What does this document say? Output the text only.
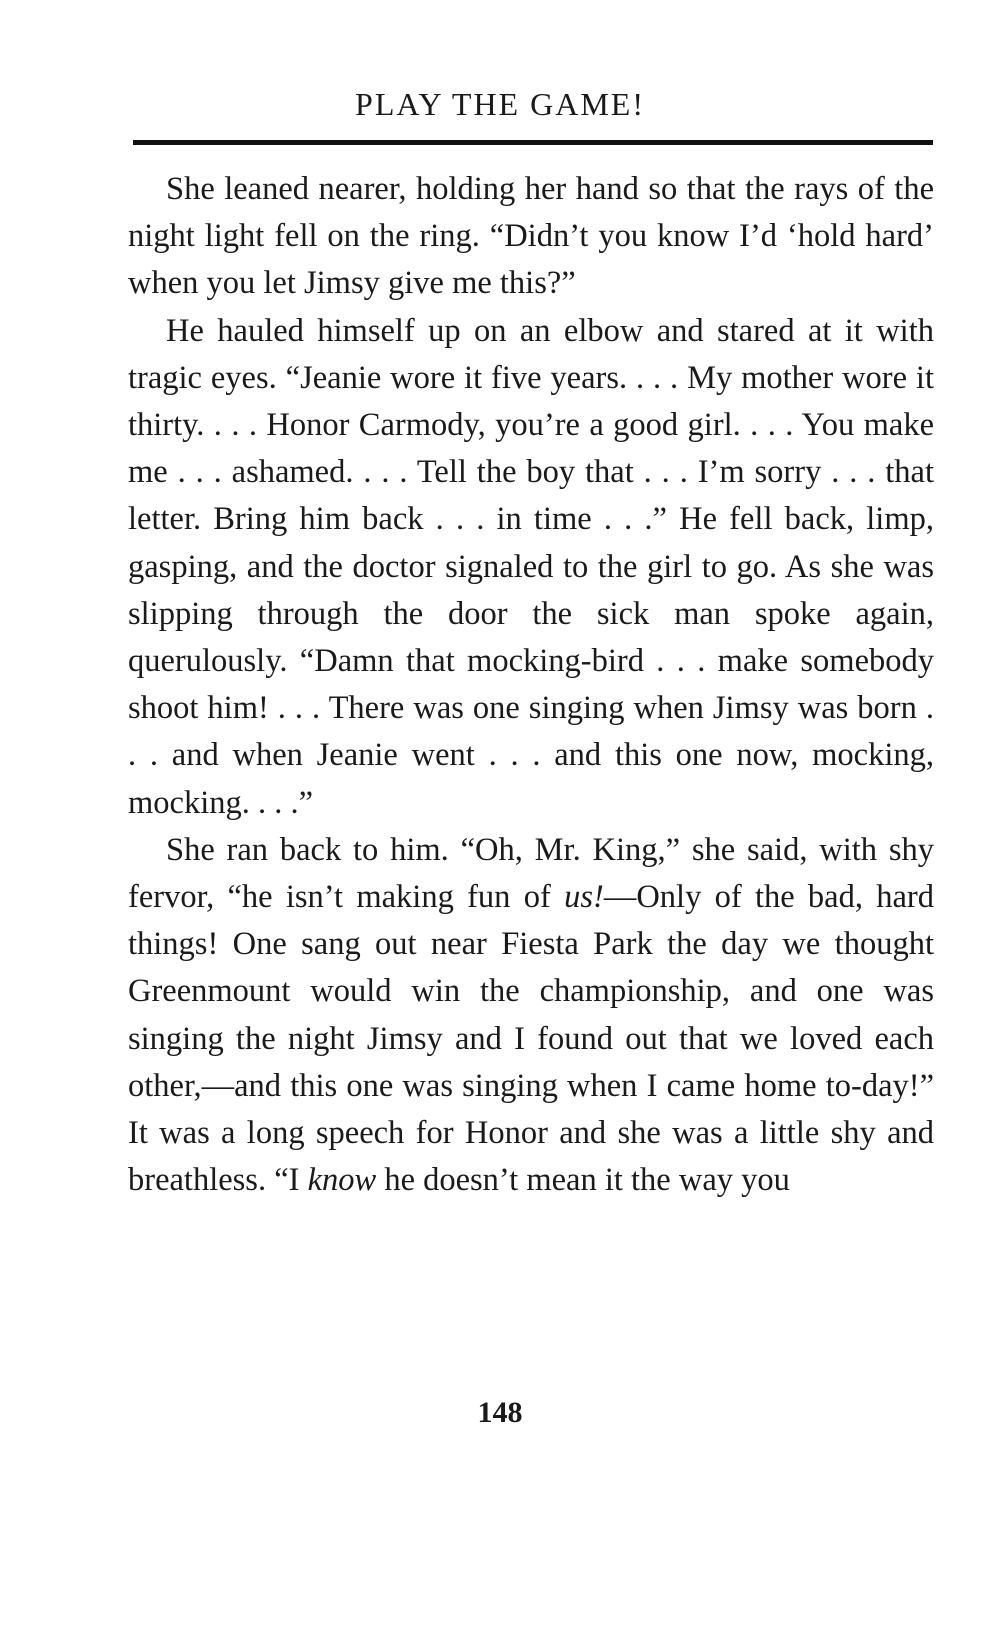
PLAY THE GAME!

She leaned nearer, holding her hand so that the rays of the night light fell on the ring. “Didn’t you know I’d ‘hold hard’ when you let Jimsy give me this?”

He hauled himself up on an elbow and stared at it with tragic eyes. “Jeanie wore it five years. . . . My mother wore it thirty. . . . Honor Carmody, you’re a good girl. . . . You make me . . . ashamed. . . . Tell the boy that . . . I’m sorry . . . that letter. Bring him back . . . in time . . .” He fell back, limp, gasping, and the doctor signaled to the girl to go. As she was slipping through the door the sick man spoke again, querulously. “Damn that mocking-bird . . . make somebody shoot him! . . . There was one singing when Jimsy was born . . . and when Jeanie went . . . and this one now, mocking, mocking. . . .”

She ran back to him. “Oh, Mr. King,” she said, with shy fervor, “he isn’t making fun of us!—Only of the bad, hard things! One sang out near Fiesta Park the day we thought Greenmount would win the championship, and one was singing the night Jimsy and I found out that we loved each other,—and this one was singing when I came home to-day!” It was a long speech for Honor and she was a little shy and breathless. “I know he doesn’t mean it the way you

148
